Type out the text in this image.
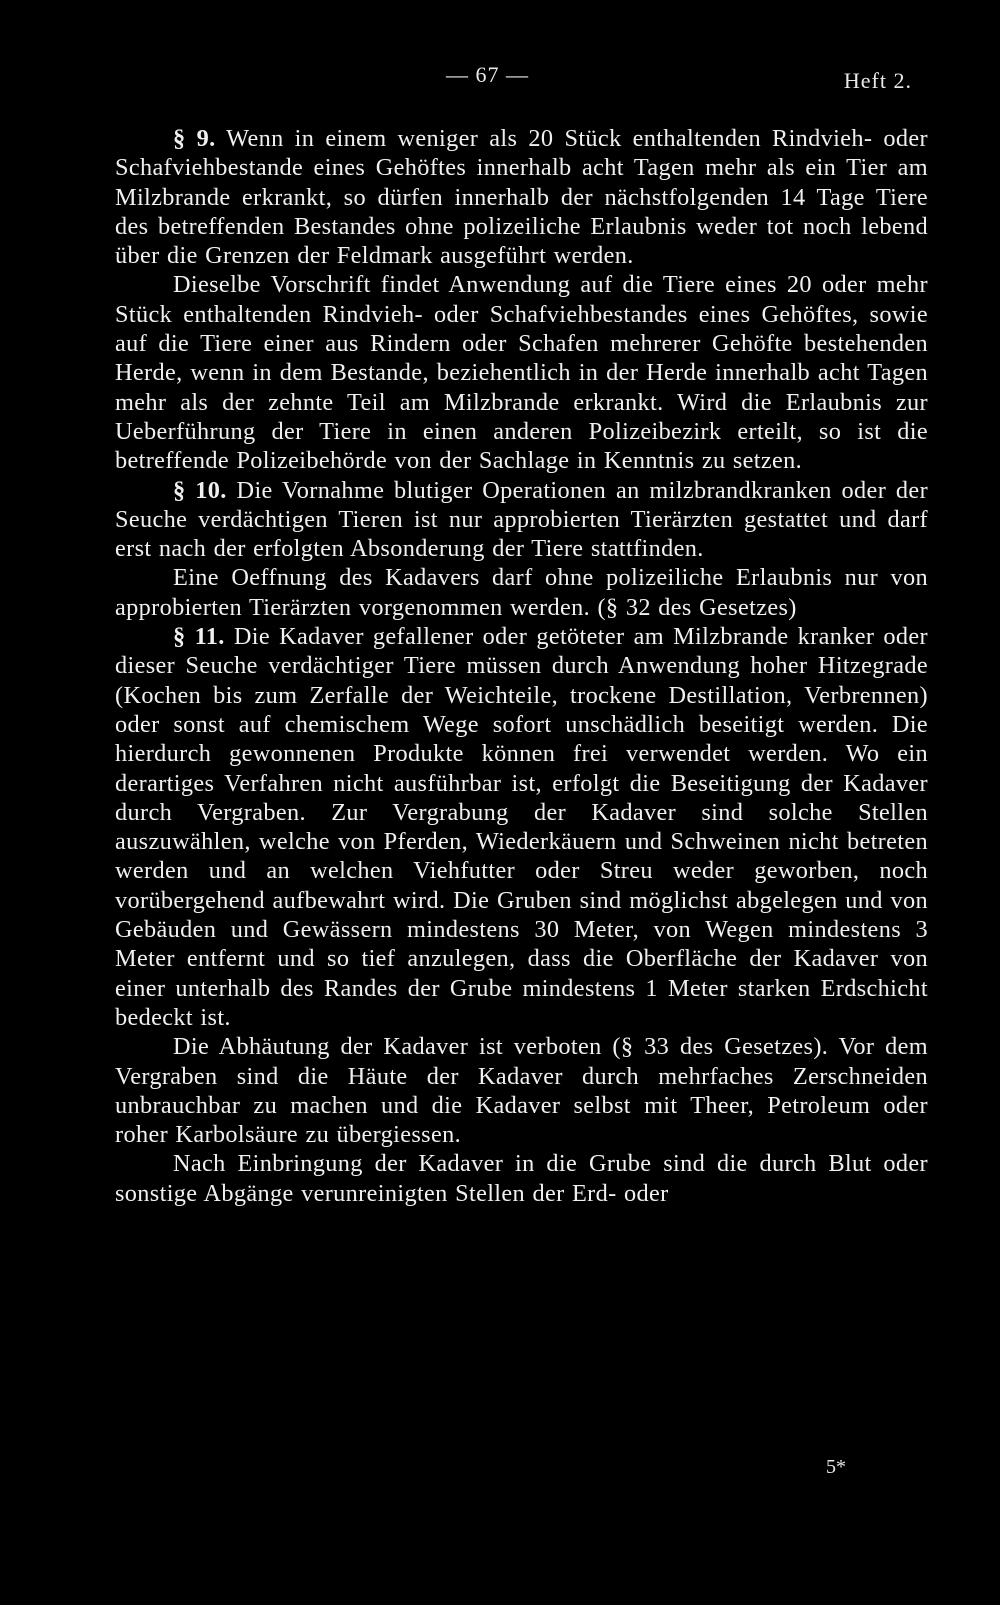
— 67 —	Heft 2.

§ 9. Wenn in einem weniger als 20 Stück enthaltenden Rindvieh- oder Schafviehbestande eines Gehöftes innerhalb acht Tagen mehr als ein Tier am Milzbrande erkrankt, so dürfen innerhalb der nächstfolgenden 14 Tage Tiere des betreffenden Bestandes ohne polizeiliche Erlaubnis weder tot noch lebend über die Grenzen der Feldmark ausgeführt werden.

Dieselbe Vorschrift findet Anwendung auf die Tiere eines 20 oder mehr Stück enthaltenden Rindvieh- oder Schafviehbestandes eines Gehöftes, sowie auf die Tiere einer aus Rindern oder Schafen mehrerer Gehöfte bestehenden Herde, wenn in dem Bestande, beziehentlich in der Herde innerhalb acht Tagen mehr als der zehnte Teil am Milzbrande erkrankt. Wird die Erlaubnis zur Ueberführung der Tiere in einen anderen Polizeibezirk erteilt, so ist die betreffende Polizeibehörde von der Sachlage in Kenntnis zu setzen.

§ 10. Die Vornahme blutiger Operationen an milzbrandkranken oder der Seuche verdächtigen Tieren ist nur approbierten Tierärzten gestattet und darf erst nach der erfolgten Absonderung der Tiere stattfinden.

Eine Oeffnung des Kadavers darf ohne polizeiliche Erlaubnis nur von approbierten Tierärzten vorgenommen werden. (§ 32 des Gesetzes)

§ 11. Die Kadaver gefallener oder getöteter am Milzbrande kranker oder dieser Seuche verdächtiger Tiere müssen durch Anwendung hoher Hitzegrade (Kochen bis zum Zerfalle der Weichteile, trockene Destillation, Verbrennen) oder sonst auf chemischem Wege sofort unschädlich beseitigt werden. Die hierdurch gewonnenen Produkte können frei verwendet werden. Wo ein derartiges Verfahren nicht ausführbar ist, erfolgt die Beseitigung der Kadaver durch Vergraben. Zur Vergrabung der Kadaver sind solche Stellen auszuwählen, welche von Pferden, Wiederkäuern und Schweinen nicht betreten werden und an welchen Viehfutter oder Streu weder geworben, noch vorübergehend aufbewahrt wird. Die Gruben sind möglichst abgelegen und von Gebäuden und Gewässern mindestens 30 Meter, von Wegen mindestens 3 Meter entfernt und so tief anzulegen, dass die Oberfläche der Kadaver von einer unterhalb des Randes der Grube mindestens 1 Meter starken Erdschicht bedeckt ist.

Die Abhäutung der Kadaver ist verboten (§ 33 des Gesetzes). Vor dem Vergraben sind die Häute der Kadaver durch mehrfaches Zerschneiden unbrauchbar zu machen und die Kadaver selbst mit Theer, Petroleum oder roher Karbolsäure zu übergiessen.

Nach Einbringung der Kadaver in die Grube sind die durch Blut oder sonstige Abgänge verunreinigten Stellen der Erd- oder

5*
